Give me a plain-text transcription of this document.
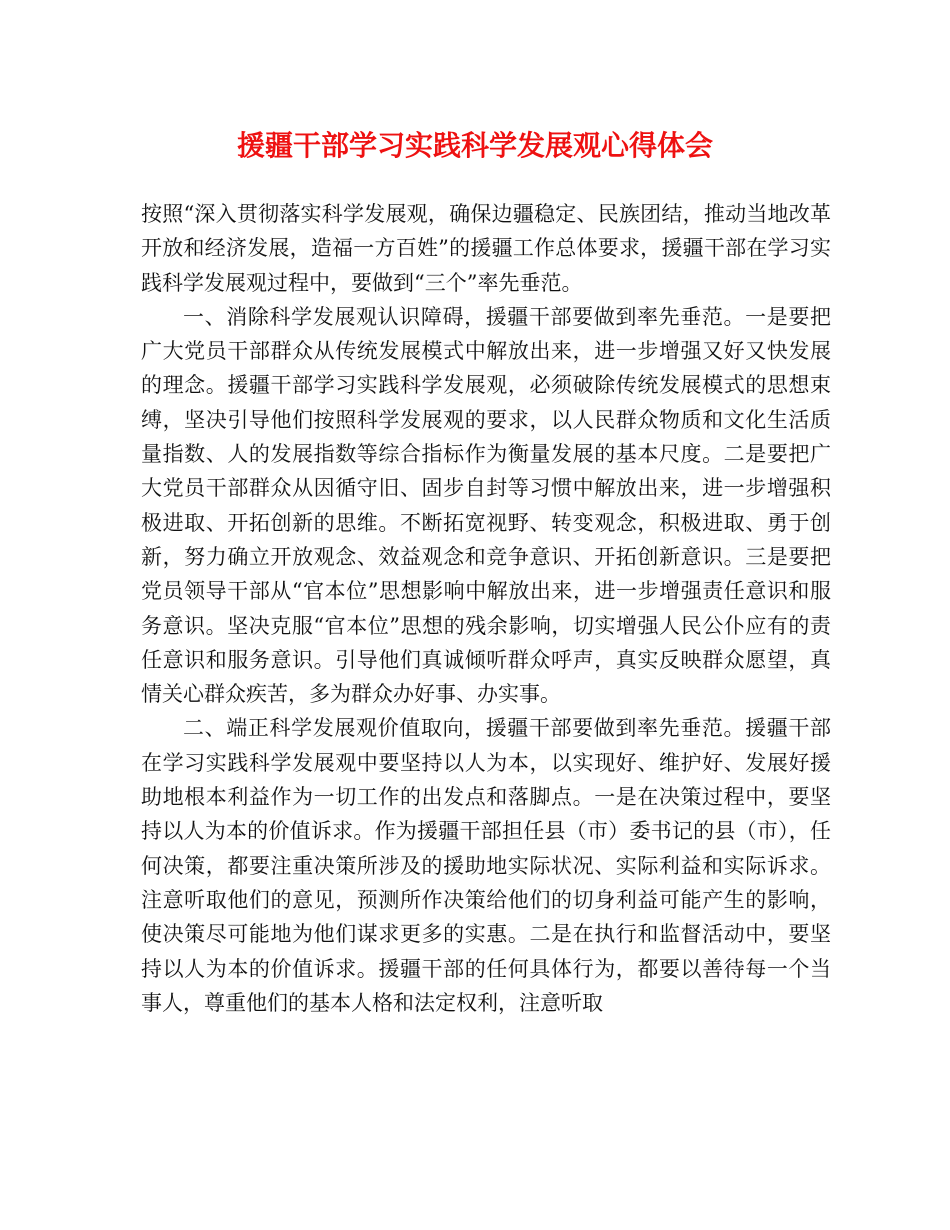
援疆干部学习实践科学发展观心得体会

按照“深入贯彻落实科学发展观，确保边疆稳定、民族团结，推动当地改革开放和经济发展，造福一方百姓”的援疆工作总体要求，援疆干部在学习实践科学发展观过程中，要做到“三个”率先垂范。

一、消除科学发展观认识障碍，援疆干部要做到率先垂范。一是要把广大党员干部群众从传统发展模式中解放出来，进一步增强又好又快发展的理念。援疆干部学习实践科学发展观，必须破除传统发展模式的思想束缚，坚决引导他们按照科学发展观的要求，以人民群众物质和文化生活质量指数、人的发展指数等综合指标作为衡量发展的基本尺度。二是要把广大党员干部群众从因循守旧、固步自封等习惯中解放出来，进一步增强积极进取、开拓创新的思维。不断拓宽视野、转变观念，积极进取、勇于创新，努力确立开放观念、效益观念和竞争意识、开拓创新意识。三是要把党员领导干部从“官本位”思想影响中解放出来，进一步增强责任意识和服务意识。坚决克服“官本位”思想的残余影响，切实增强人民公仆应有的责任意识和服务意识。引导他们真诚倾听群众呼声，真实反映群众愿望，真情关心群众疾苦，多为群众办好事、办实事。

二、端正科学发展观价值取向，援疆干部要做到率先垂范。援疆干部在学习实践科学发展观中要坚持以人为本，以实现好、维护好、发展好援助地根本利益作为一切工作的出发点和落脚点。一是在决策过程中，要坚持以人为本的价值诉求。作为援疆干部担任县（市）委书记的县（市），任何决策，都要注重决策所涉及的援助地实际状况、实际利益和实际诉求。注意听取他们的意见，预测所作决策给他们的切身利益可能产生的影响，使决策尽可能地为他们谋求更多的实惠。二是在执行和监督活动中，要坚持以人为本的价值诉求。援疆干部的任何具体行为，都要以善待每一个当事人，尊重他们的基本人格和法定权利，注意听取
